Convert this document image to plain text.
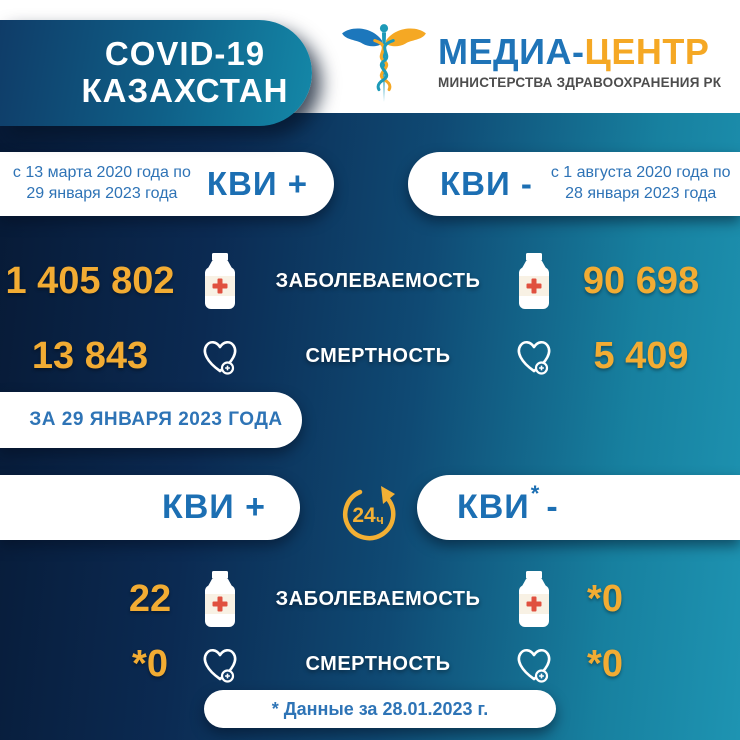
COVID-19
КАЗАХСТАН
МЕДИА-ЦЕНТР
МИНИСТЕРСТВА ЗДРАВООХРАНЕНИЯ РК
с 13 марта 2020 года по
29 января 2023 года КВИ +	КВИ - с 1 августа 2020 года по
28 января 2023 года
1 405 802	ЗАБОЛЕВАЕМОСТЬ	90 698
13 843	СМЕРТНОСТЬ	5 409
ЗА 29 ЯНВАРЯ 2023 ГОДА
КВИ +	24 ч КВИ * -
22	ЗАБОЛЕВАЕМОСТЬ	*0
*0	СМЕРТНОСТЬ	*0
* Данные за 28.01.2023 г.
